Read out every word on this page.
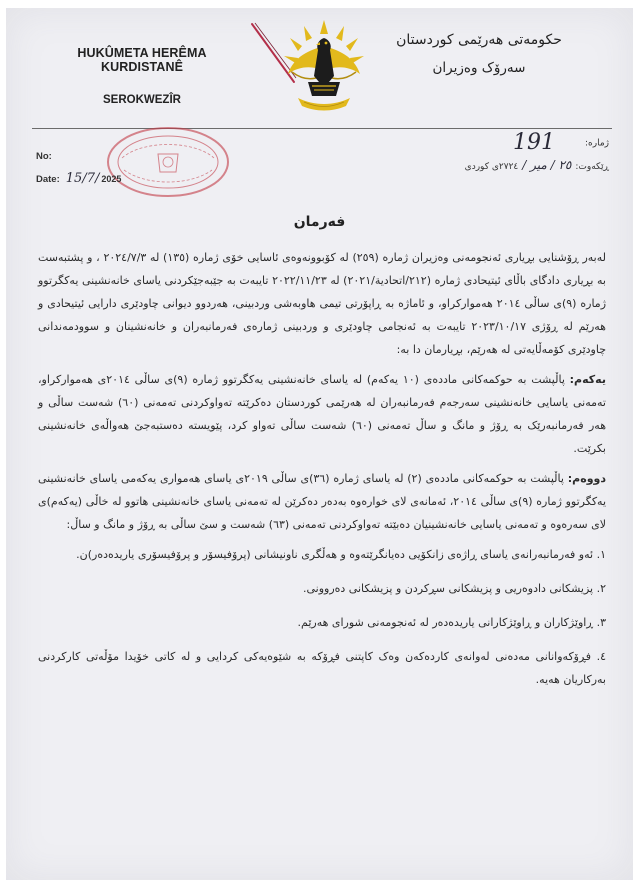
HUKÛMETA HERÊMA KURDISTANÊ
SEROKWEZÎR
حکومەتی هەرێمی کوردستان
سەرۆک وەزیران
No:
Date: 15/7/ 2025
ژمارە:191
ڕێکەوت:٢٥ / میر /٢٧٢٤ی کوردی
فەرمان

لەبەر ڕۆشنایی بڕیاری ئەنجومەنی وەزیران ژمارە (٢٥٩) لە کۆبوونەوەی ئاسایی خۆی ژمارە (١٣٥) لە ٢٠٢٤/٧/٣ ، و پشتبەست بە بڕیاری دادگای باڵای ئیتیحادی ژمارە (٢١٢/اتحادیة/٢٠٢١) لە ٢٠٢٢/١١/٢٣ تایبەت بە جێبەجێکردنی یاسای خانەنشینی یەکگرتوو ژمارە (٩)ی ساڵی ٢٠١٤ هەموارکراو، و ئاماژە بە ڕاپۆرتی تیمی هاوبەشی وردبینی، هەردوو دیوانی چاودێری دارایی ئیتیحادی و هەرێم لە ڕۆژی ٢٠٢٣/١٠/١٧ تایبەت بە ئەنجامی چاودێری و وردبینی ژمارەی فەرمانبەران و خانەنشینان و سوودمەندانی چاودێری کۆمەڵایەتی لە هەرێم، بڕیارمان دا بە:

یەکەم: پاڵپشت بە حوکمەکانی ماددەی (١٠ یەکەم) لە یاسای خانەنشینی یەکگرتوو ژمارە (٩)ی ساڵی ٢٠١٤ی هەموارکراو، تەمەنی یاسایی خانەنشینی سەرجەم فەرمانبەران لە هەرێمی کوردستان دەکرێتە تەواوکردنی تەمەنی (٦٠) شەست ساڵی و هەر فەرمانبەرێک بە ڕۆژ و مانگ و ساڵ تەمەنی (٦٠) شەست ساڵی تەواو کرد، پێویستە دەستبەجێ هەواڵەی خانەنشینی بکرێت.

دووەم: پاڵپشت بە حوکمەکانی ماددەی (٢) لە یاسای ژمارە (٣٦)ی ساڵی ٢٠١٩ی یاسای هەمواری یەکەمی یاسای خانەنشینی یەکگرتوو ژمارە (٩)ی ساڵی ٢٠١٤، ئەمانەی لای خوارەوە بەدەر دەکرێن لە تەمەنی یاسای خانەنشینی هاتوو لە خاڵی (یەکەم)ی لای سەرەوە و تەمەنی یاسایی خانەنشینیان دەبێتە تەواوکردنی تەمەنی (٦٣) شەست و سێ ساڵی بە ڕۆژ و مانگ و ساڵ:

١. ئەو فەرمانبەرانەی یاسای ڕاژەی زانکۆیی دەیانگرێتەوە و هەڵگری ناونیشانی (پرۆفیسۆر و پرۆفیسۆری یاریدەدەر)ن.
٢. پزیشکانی دادوەریی و پزیشکانی سڕکردن و پزیشکانی دەروونی.
٣. ڕاوێژکاران و ڕاوێژکارانی یاریدەدەر لە ئەنجومەنی شورای هەرێم.
٤. فڕۆکەوانانی مەدەنی لەوانەی کاردەکەن وەک کاپتنی فڕۆکە بە شێوەیەکی کردایی و لە کاتی خۆیدا مۆڵەتی کارکردنی بەرکاریان هەیە.
